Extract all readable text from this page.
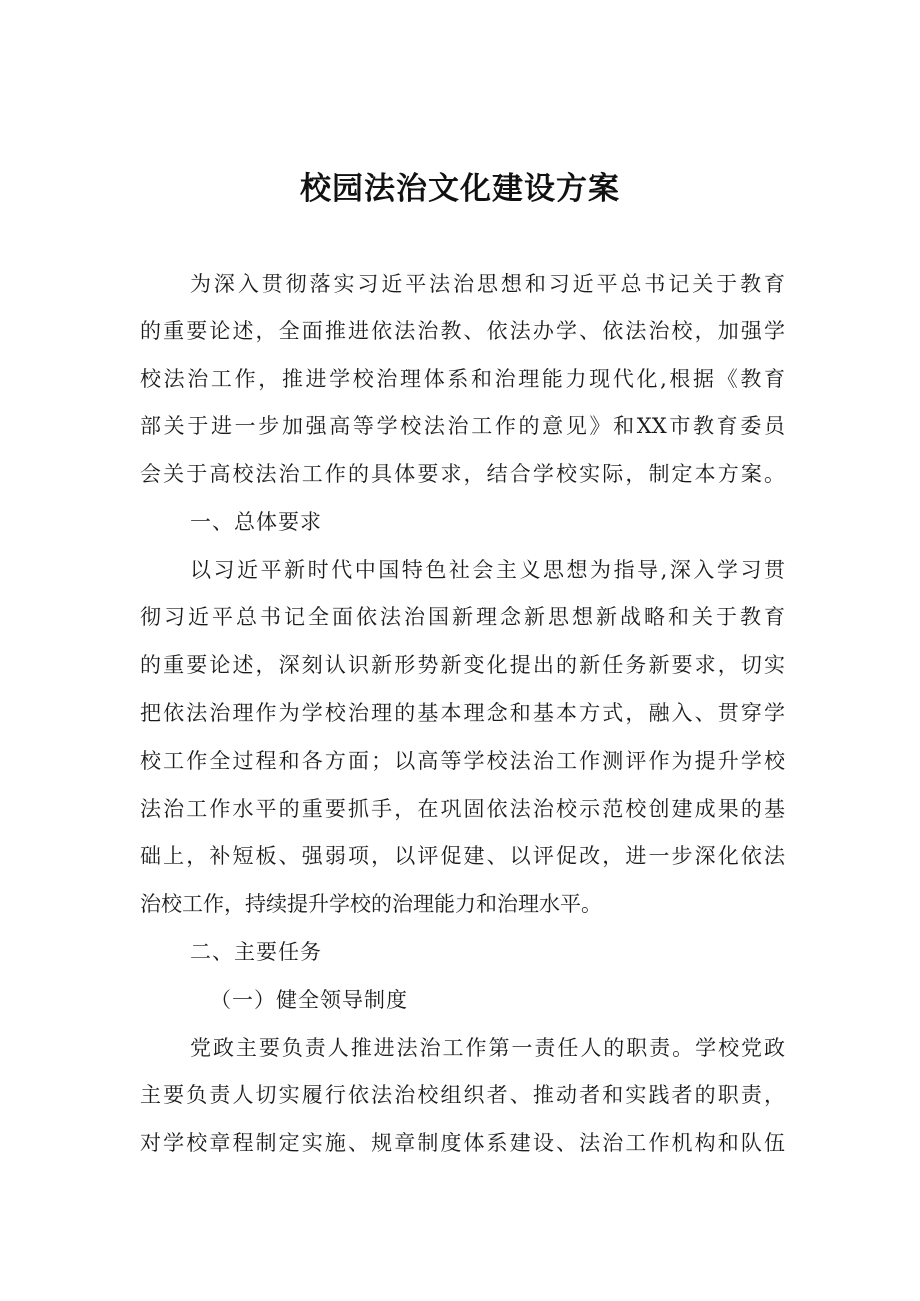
校园法治文化建设方案
为深入贯彻落实习近平法治思想和习近平总书记关于教育
的重要论述，全面推进依法治教、依法办学、依法治校，加强学
校法治工作，推进学校治理体系和治理能力现代化,根据《教育
部关于进一步加强高等学校法治工作的意见》和XX市教育委员
会关于高校法治工作的具体要求，结合学校实际，制定本方案。
一、总体要求
以习近平新时代中国特色社会主义思想为指导,深入学习贯
彻习近平总书记全面依法治国新理念新思想新战略和关于教育
的重要论述，深刻认识新形势新变化提出的新任务新要求，切实
把依法治理作为学校治理的基本理念和基本方式，融入、贯穿学
校工作全过程和各方面；以高等学校法治工作测评作为提升学校
法治工作水平的重要抓手，在巩固依法治校示范校创建成果的基
础上，补短板、强弱项，以评促建、以评促改，进一步深化依法
治校工作，持续提升学校的治理能力和治理水平。
二、主要任务
（一）健全领导制度
党政主要负责人推进法治工作第一责任人的职责。学校党政
主要负责人切实履行依法治校组织者、推动者和实践者的职责，
对学校章程制定实施、规章制度体系建设、法治工作机构和队伍
